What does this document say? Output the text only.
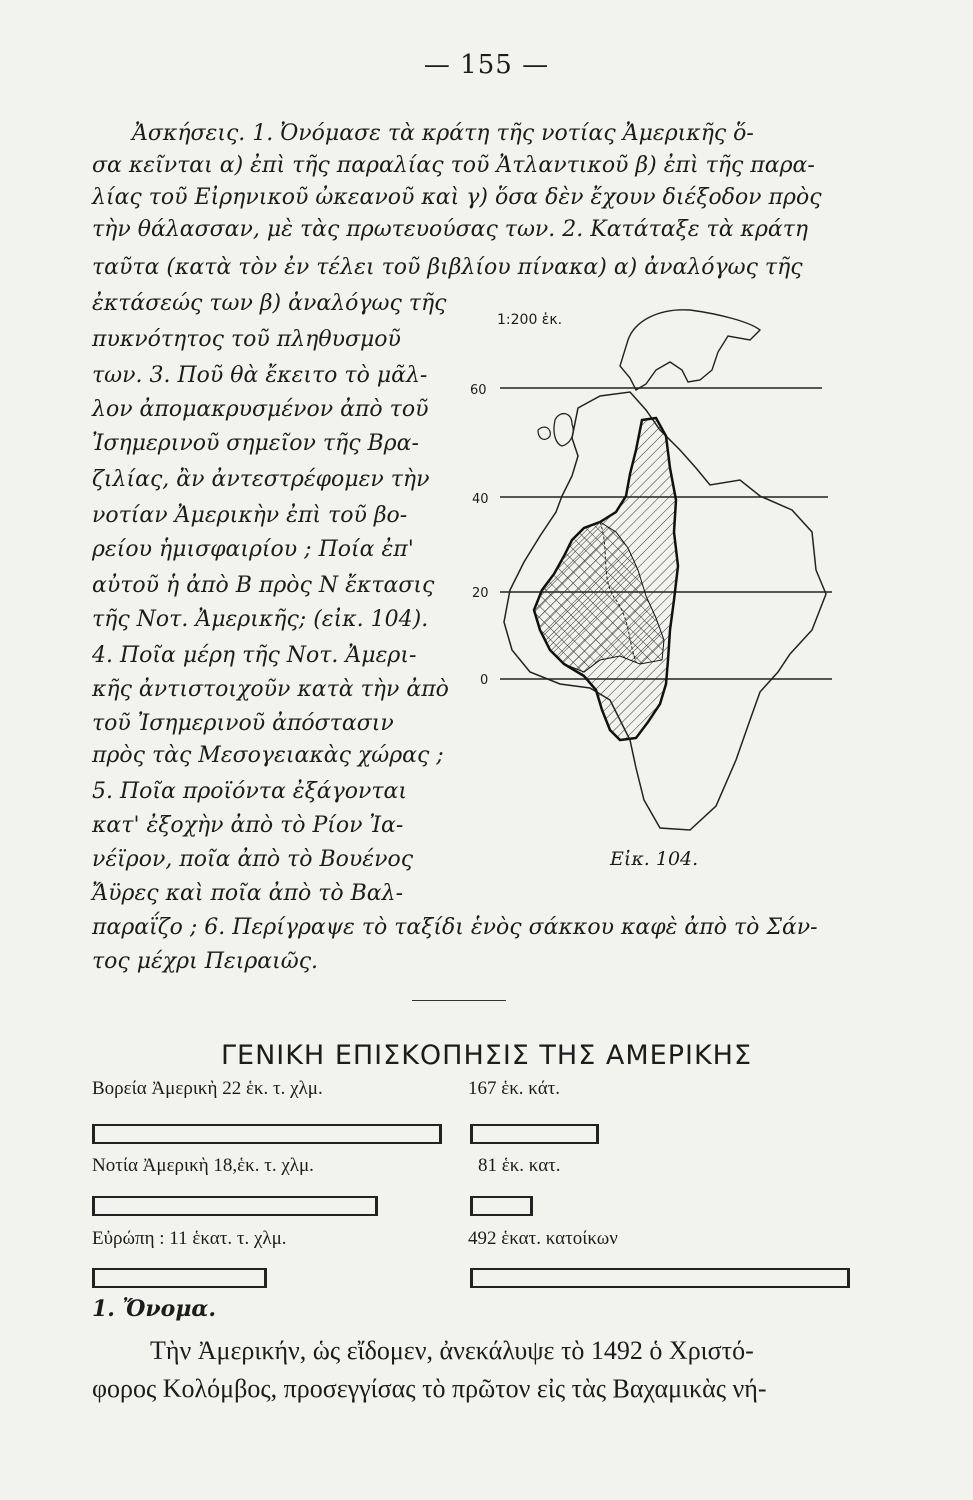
— 155 —
Ἀσκήσεις. 1. Ὀνόμασε τὰ κράτη τῆς νοτίας Ἀμερικῆς ὅ-
σα κεῖνται α) ἐπὶ τῆς παραλίας τοῦ Ἀτλαντικοῦ β) ἐπὶ τῆς παρα-
λίας τοῦ Εἰρηνικοῦ ὠκεανοῦ καὶ γ) ὅσα δὲν ἔχουν διέξοδον πρὸς
τὴν θάλασσαν, μὲ τὰς πρωτευούσας των. 2. Κατάταξε τὰ κράτη
ταῦτα (κατὰ τὸν ἐν τέλει τοῦ βιβλίου πίνακα) α) ἀναλόγως τῆς
ἐκτάσεώς των β) ἀναλόγως τῆς
πυκνότητος τοῦ πληθυσμοῦ
των. 3. Ποῦ θὰ ἔκειτο τὸ μᾶλ-
λον ἀπομακρυσμένον ἀπὸ τοῦ
Ἰσημερινοῦ σημεῖον τῆς Βρα-
ζιλίας, ἂν ἀντεστρέφομεν τὴν
νοτίαν Ἀμερικὴν ἐπὶ τοῦ βο-
ρείου ἡμισφαιρίου ; Ποία ἐπ'
αὐτοῦ ἡ ἀπὸ Β πρὸς Ν ἔκτασις
τῆς Νοτ. Ἀμερικῆς; (εἰκ. 104).
4. Ποῖα μέρη τῆς Νοτ. Ἀμερι-
κῆς ἀντιστοιχοῦν κατὰ τὴν ἀπὸ
τοῦ Ἰσημερινοῦ ἀπόστασιν
πρὸς τὰς Μεσογειακὰς χώρας ;
5. Ποῖα προϊόντα ἐξάγονται
κατ' ἐξοχὴν ἀπὸ τὸ Ρίον Ἰα-
νέϊρον, ποῖα ἀπὸ τὸ Βουένος
Ἄϋρες καὶ ποῖα ἀπὸ τὸ Βαλ-
παραΐζο ; 6. Περίγραψε τὸ ταξίδι ἑνὸς σάκκου καφὲ ἀπὸ τὸ Σάν-
τος μέχρι Πειραιῶς.
1:200 ἑκ.
60
40
20
0
Εἰκ. 104.
ΓΕΝΙΚΗ ΕΠΙΣΚΟΠΗΣΙΣ ΤΗΣ ΑΜΕΡΙΚΗΣ
Βορεία Ἀμερικὴ 22 ἑκ. τ. χλμ.	167 ἑκ. κάτ.
Νοτία Ἀμερικὴ 18,ἑκ. τ. χλμ.	81 ἑκ. κατ.
Εὐρώπη : 11 ἑκατ. τ. χλμ.	492 ἑκατ. κατοίκων
1. Ὄνομα.
Τὴν Ἀμερικήν, ὡς εἴδομεν, ἀνεκάλυψε τὸ 1492 ὁ Χριστό-
φορος Κολόμβος, προσεγγίσας τὸ πρῶτον εἰς τὰς Βαχαμικὰς νή-
